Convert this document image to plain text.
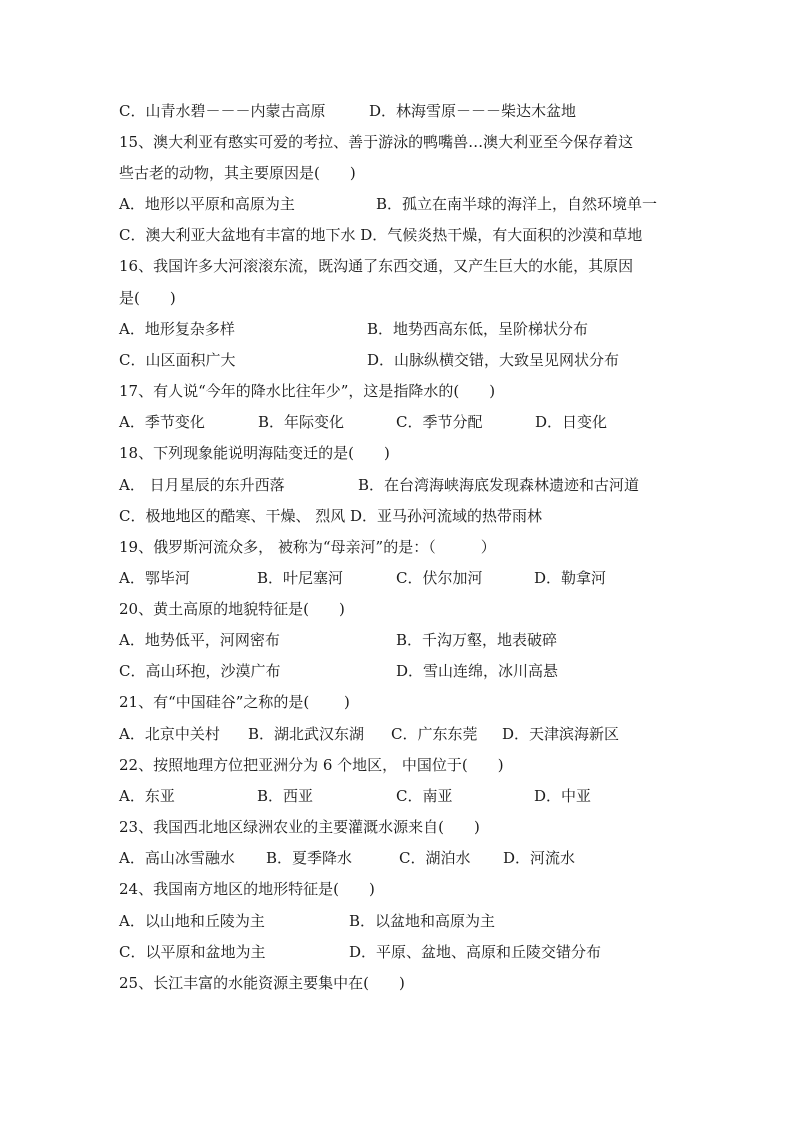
C．山青水碧－－－内蒙古高原	D．林海雪原－－－柴达木盆地
15、澳大利亚有憨实可爱的考拉、善于游泳的鸭嘴兽…澳大利亚至今保存着这
些古老的动物，其主要原因是(　　)
A．地形以平原和高原为主	B．孤立在南半球的海洋上，自然环境单一
C．澳大利亚大盆地有丰富的地下水 D．气候炎热干燥，有大面积的沙漠和草地
16、我国许多大河滚滚东流，既沟通了东西交通，又产生巨大的水能，其原因
是(　　)
A．地形复杂多样	B．地势西高东低，呈阶梯状分布
C．山区面积广大	D．山脉纵横交错，大致呈见网状分布
17、有人说“今年的降水比往年少”，这是指降水的(　　)
A．季节变化	B．年际变化	C．季节分配	D．日变化
18、下列现象能说明海陆变迁的是(　　)
A． 日月星辰的东升西落	B．在台湾海峡海底发现森林遗迹和古河道
C．极地地区的酷寒、干燥、 烈风 D．亚马孙河流域的热带雨林
19、俄罗斯河流众多， 被称为“母亲河”的是：（　　　）
A．鄂毕河	B．叶尼塞河	C．伏尔加河	D．勒拿河
20、黄土高原的地貌特征是(　　)
A．地势低平，河网密布	B．千沟万壑，地表破碎
C．高山环抱，沙漠广布	D．雪山连绵，冰川高悬
21、有“中国硅谷”之称的是(　　 )
A．北京中关村 B．湖北武汉东湖 C．广东东莞 D．天津滨海新区
22、按照地理方位把亚洲分为 6 个地区， 中国位于(　　)
A．东亚	B．西亚	C．南亚	D．中亚
23、我国西北地区绿洲农业的主要灌溉水源来自(　　)
A．高山冰雪融水 B．夏季降水	C．湖泊水 D．河流水
24、我国南方地区的地形特征是(　　)
A．以山地和丘陵为主	B．以盆地和高原为主
C．以平原和盆地为主	D．平原、盆地、高原和丘陵交错分布
25、长江丰富的水能资源主要集中在(　　)
